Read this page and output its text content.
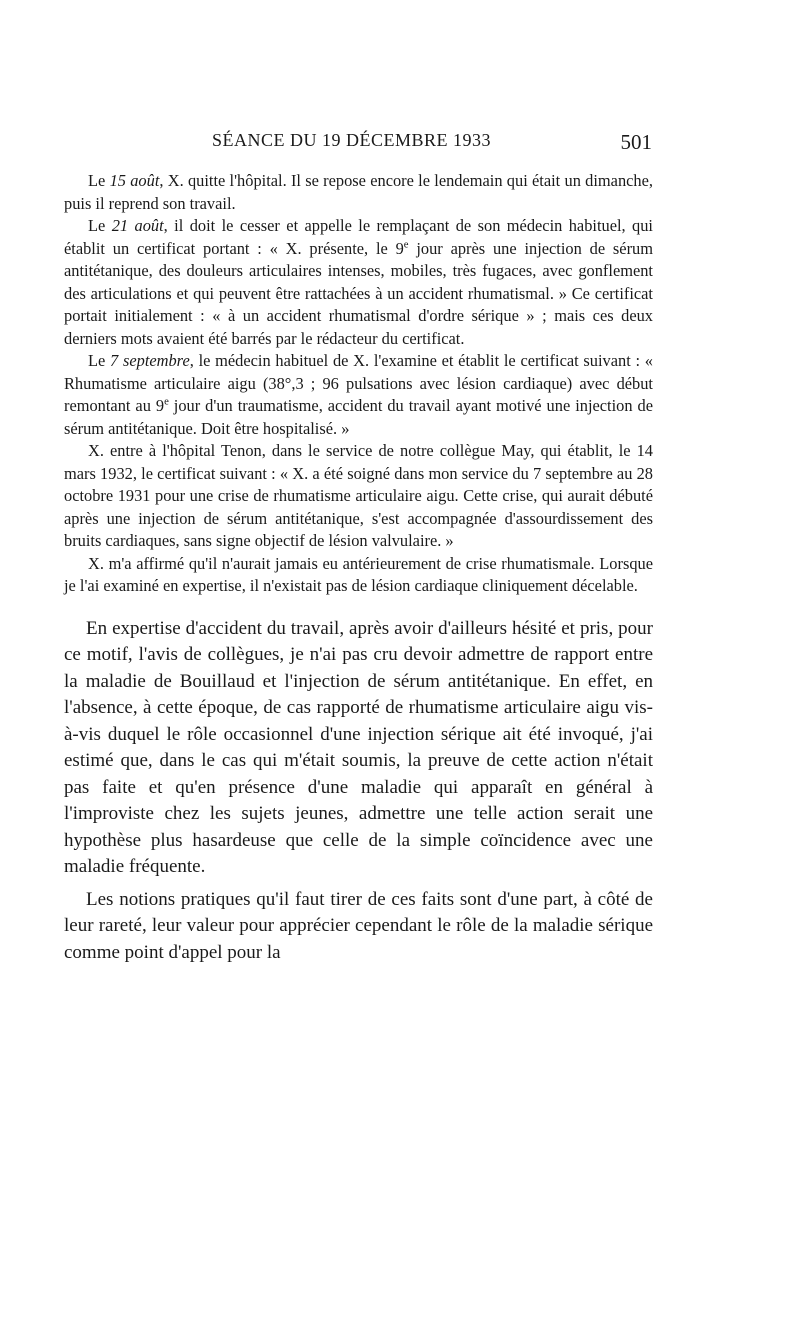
SÉANCE DU 19 DÉCEMBRE 1933	501

Le 15 août, X. quitte l'hôpital. Il se repose encore le lendemain qui était un dimanche, puis il reprend son travail.

Le 21 août, il doit le cesser et appelle le remplaçant de son médecin habituel, qui établit un certificat portant : « X. présente, le 9e jour après une injection de sérum antitétanique, des douleurs articulaires intenses, mobiles, très fugaces, avec gonflement des articulations et qui peuvent être rattachées à un accident rhumatismal. » Ce certificat portait initialement : « à un accident rhumatismal d'ordre sérique » ; mais ces deux derniers mots avaient été barrés par le rédacteur du certificat.

Le 7 septembre, le médecin habituel de X. l'examine et établit le certificat suivant : « Rhumatisme articulaire aigu (38°,3 ; 96 pulsations avec lésion cardiaque) avec début remontant au 9e jour d'un traumatisme, accident du travail ayant motivé une injection de sérum antitétanique. Doit être hospitalisé. »

X. entre à l'hôpital Tenon, dans le service de notre collègue May, qui établit, le 14 mars 1932, le certificat suivant : « X. a été soigné dans mon service du 7 septembre au 28 octobre 1931 pour une crise de rhumatisme articulaire aigu. Cette crise, qui aurait débuté après une injection de sérum antitétanique, s'est accompagnée d'assourdissement des bruits cardiaques, sans signe objectif de lésion valvulaire. »

X. m'a affirmé qu'il n'aurait jamais eu antérieurement de crise rhumatismale. Lorsque je l'ai examiné en expertise, il n'existait pas de lésion cardiaque cliniquement décelable.

En expertise d'accident du travail, après avoir d'ailleurs hésité et pris, pour ce motif, l'avis de collègues, je n'ai pas cru devoir admettre de rapport entre la maladie de Bouillaud et l'injection de sérum antitétanique. En effet, en l'absence, à cette époque, de cas rapporté de rhumatisme articulaire aigu vis-à-vis duquel le rôle occasionnel d'une injection sérique ait été invoqué, j'ai estimé que, dans le cas qui m'était soumis, la preuve de cette action n'était pas faite et qu'en présence d'une maladie qui apparaît en général à l'improviste chez les sujets jeunes, admettre une telle action serait une hypothèse plus hasardeuse que celle de la simple coïncidence avec une maladie fréquente.

Les notions pratiques qu'il faut tirer de ces faits sont d'une part, à côté de leur rareté, leur valeur pour apprécier cependant le rôle de la maladie sérique comme point d'appel pour la
